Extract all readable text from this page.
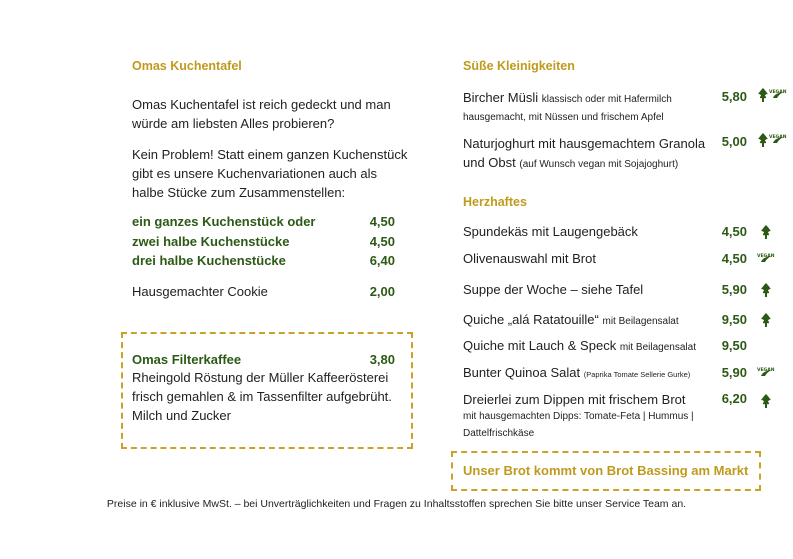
Omas Kuchentafel
Omas Kuchentafel ist reich gedeckt und man
würde am liebsten Alles probieren?
Kein Problem! Statt einem ganzen Kuchenstück
gibt es unsere Kuchenvariationen auch als
halbe Stücke zum Zusammenstellen:
ein ganzes Kuchenstück oder	4,50
zwei halbe Kuchenstücke	4,50
drei halbe Kuchenstücke	6,40
Hausgemachter Cookie	2,00
Omas Filterkaffee	3,80
Rheingold Röstung der Müller Kaffeerösterei
frisch gemahlen & im Tassenfilter aufgebrüht.
Milch und Zucker
Süße Kleinigkeiten
Bircher Müsli klassisch oder mit Hafermilch
hausgemacht, mit Nüssen und frischem Apfel
5,80
Naturjoghurt mit hausgemachtem Granola
und Obst (auf Wunsch vegan mit Sojajoghurt)
5,00
Herzhaftes
Spundekäs mit Laugengebäck	4,50
Olivenauswahl mit Brot	4,50
Suppe der Woche – siehe Tafel	5,90
Quiche „alá Ratatouille“ mit Beilagensalat	9,50
Quiche mit Lauch & Speck mit Beilagensalat	9,50
Bunter Quinoa Salat (Paprika Tomate Sellerie Gurke)	5,90
Dreierlei zum Dippen mit frischem Brot
mit hausgemachten Dipps: Tomate-Feta | Hummus |
Dattelfrischkäse
6,20
Unser Brot kommt von Brot Bassing am Markt
VEGAN
VEGAN
VEGAN
VEGAN
Preise in € inklusive MwSt. – bei Unverträglichkeiten und Fragen zu Inhaltsstoffen sprechen Sie bitte unser Service Team an.
